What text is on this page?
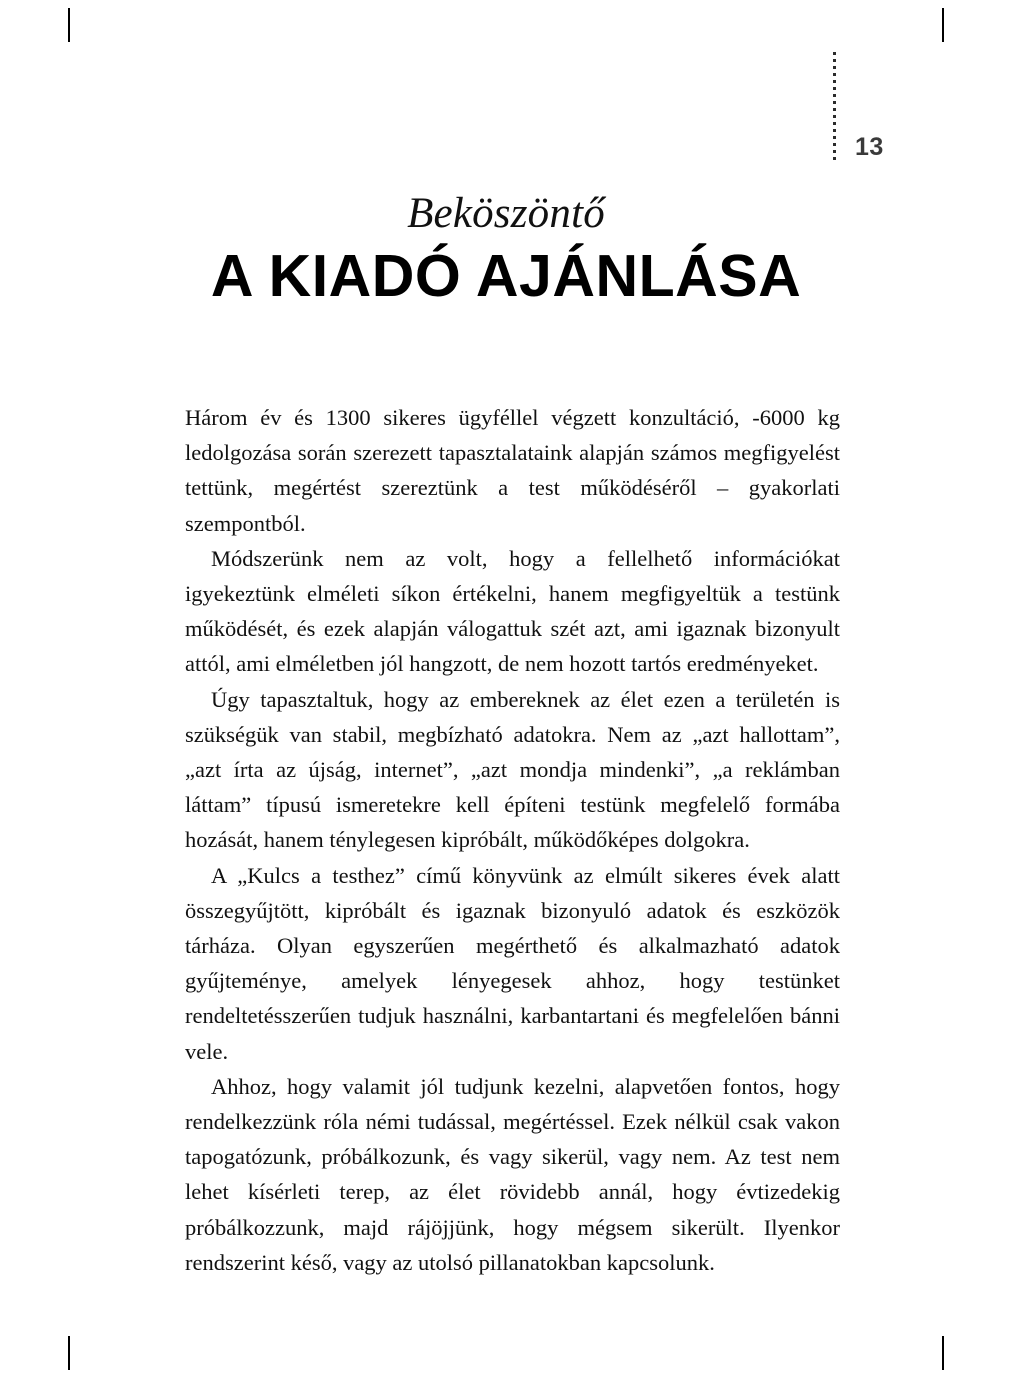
13
Beköszöntő
A KIADÓ AJÁNLÁSA

Három év és 1300 sikeres ügyféllel végzett konzultáció, -6000 kg ledolgozása során szerezett tapasztalataink alapján számos megfigyelést tettünk, megértést szereztünk a test működéséről – gyakorlati szempontból.

Módszerünk nem az volt, hogy a fellelhető információkat igyekeztünk elméleti síkon értékelni, hanem megfigyeltük a testünk működését, és ezek alapján válogattuk szét azt, ami igaznak bizonyult attól, ami elméletben jól hangzott, de nem hozott tartós eredményeket.

Úgy tapasztaltuk, hogy az embereknek az élet ezen a területén is szükségük van stabil, megbízható adatokra. Nem az „azt hallottam”, „azt írta az újság, internet”, „azt mondja mindenki”, „a reklámban láttam” típusú ismeretekre kell építeni testünk megfelelő formába hozását, hanem ténylegesen kipróbált, működőképes dolgokra.

A „Kulcs a testhez” című könyvünk az elmúlt sikeres évek alatt összegyűjtött, kipróbált és igaznak bizonyuló adatok és eszközök tárháza. Olyan egyszerűen megérthető és alkalmazható adatok gyűjteménye, amelyek lényegesek ahhoz, hogy testünket rendeltetésszerűen tudjuk használni, karbantartani és megfelelően bánni vele.

Ahhoz, hogy valamit jól tudjunk kezelni, alapvetően fontos, hogy rendelkezzünk róla némi tudással, megértéssel. Ezek nélkül csak vakon tapogatózunk, próbálkozunk, és vagy sikerül, vagy nem. Az test nem lehet kísérleti terep, az élet rövidebb annál, hogy évtizedekig próbálkozzunk, majd rájöjjünk, hogy mégsem sikerült. Ilyenkor rendszerint késő, vagy az utolsó pillanatokban kapcsolunk.
